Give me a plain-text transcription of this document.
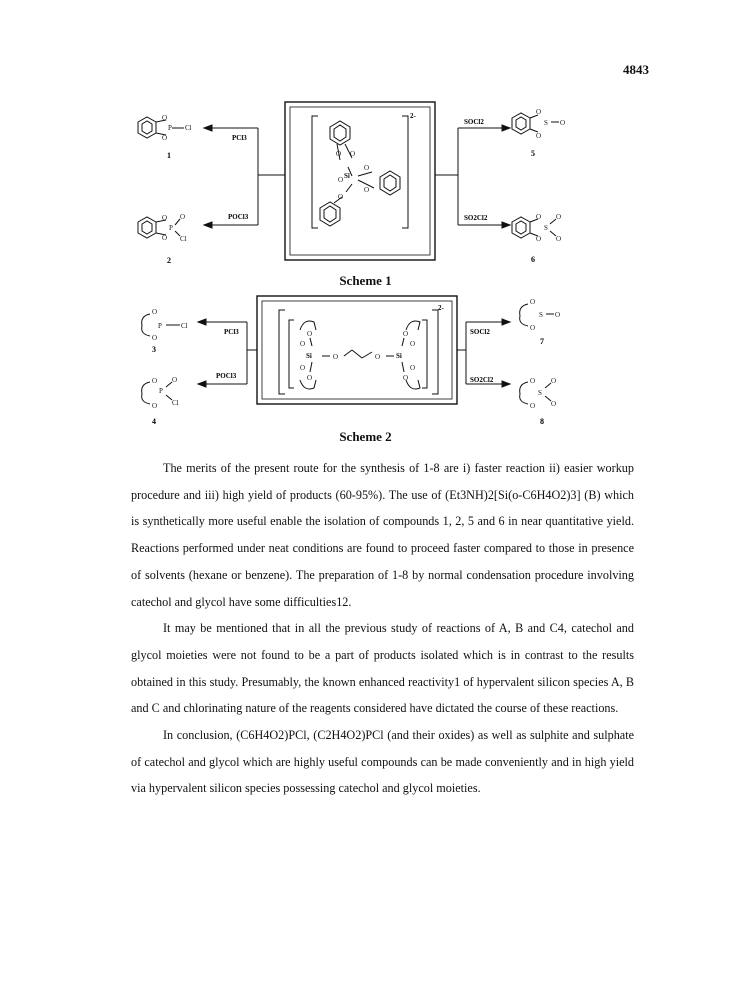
4843
O O
O
O
O
Si
O
2-
PCl3
POCl3
SOCl2
SO2Cl2
O
O
P Cl
1
O
O
P
O
Cl
2
O
O
S O
5
O
O
S
O
O
6
Scheme 1
O
O
Si	O
O
O
O Si
O
O
O
O
2-
PCl3
POCl3
SOCl2
SO2Cl2
O
O
P	Cl
3
O
O
P
O
Cl
4
O
O
S O
7
O
O
S
O
O
8
Scheme 2

The merits of the present route for the synthesis of 1-8 are i) faster reaction ii) easier workup procedure and iii) high yield of products (60-95%). The use of (Et3NH)2[Si(o-C6H4O2)3] (B) which is synthetically more useful enable the isolation of compounds 1, 2, 5 and 6 in near quantitative yield. Reactions performed under neat conditions are found to proceed faster compared to those in presence of solvents (hexane or benzene). The preparation of 1-8 by normal condensation procedure involving catechol and glycol have some difficulties12.

It may be mentioned that in all the previous study of reactions of A, B and C4, catechol and glycol moieties were not found to be a part of products isolated which is in contrast to the results obtained in this study. Presumably, the known enhanced reactivity1 of hypervalent silicon species A, B and C and chlorinating nature of the reagents considered have dictated the course of these reactions.

In conclusion, (C6H4O2)PCl, (C2H4O2)PCl (and their oxides) as well as sulphite and sulphate of catechol and glycol which are highly useful compounds can be made conveniently and in high yield via hypervalent silicon species possessing catechol and glycol moieties.
